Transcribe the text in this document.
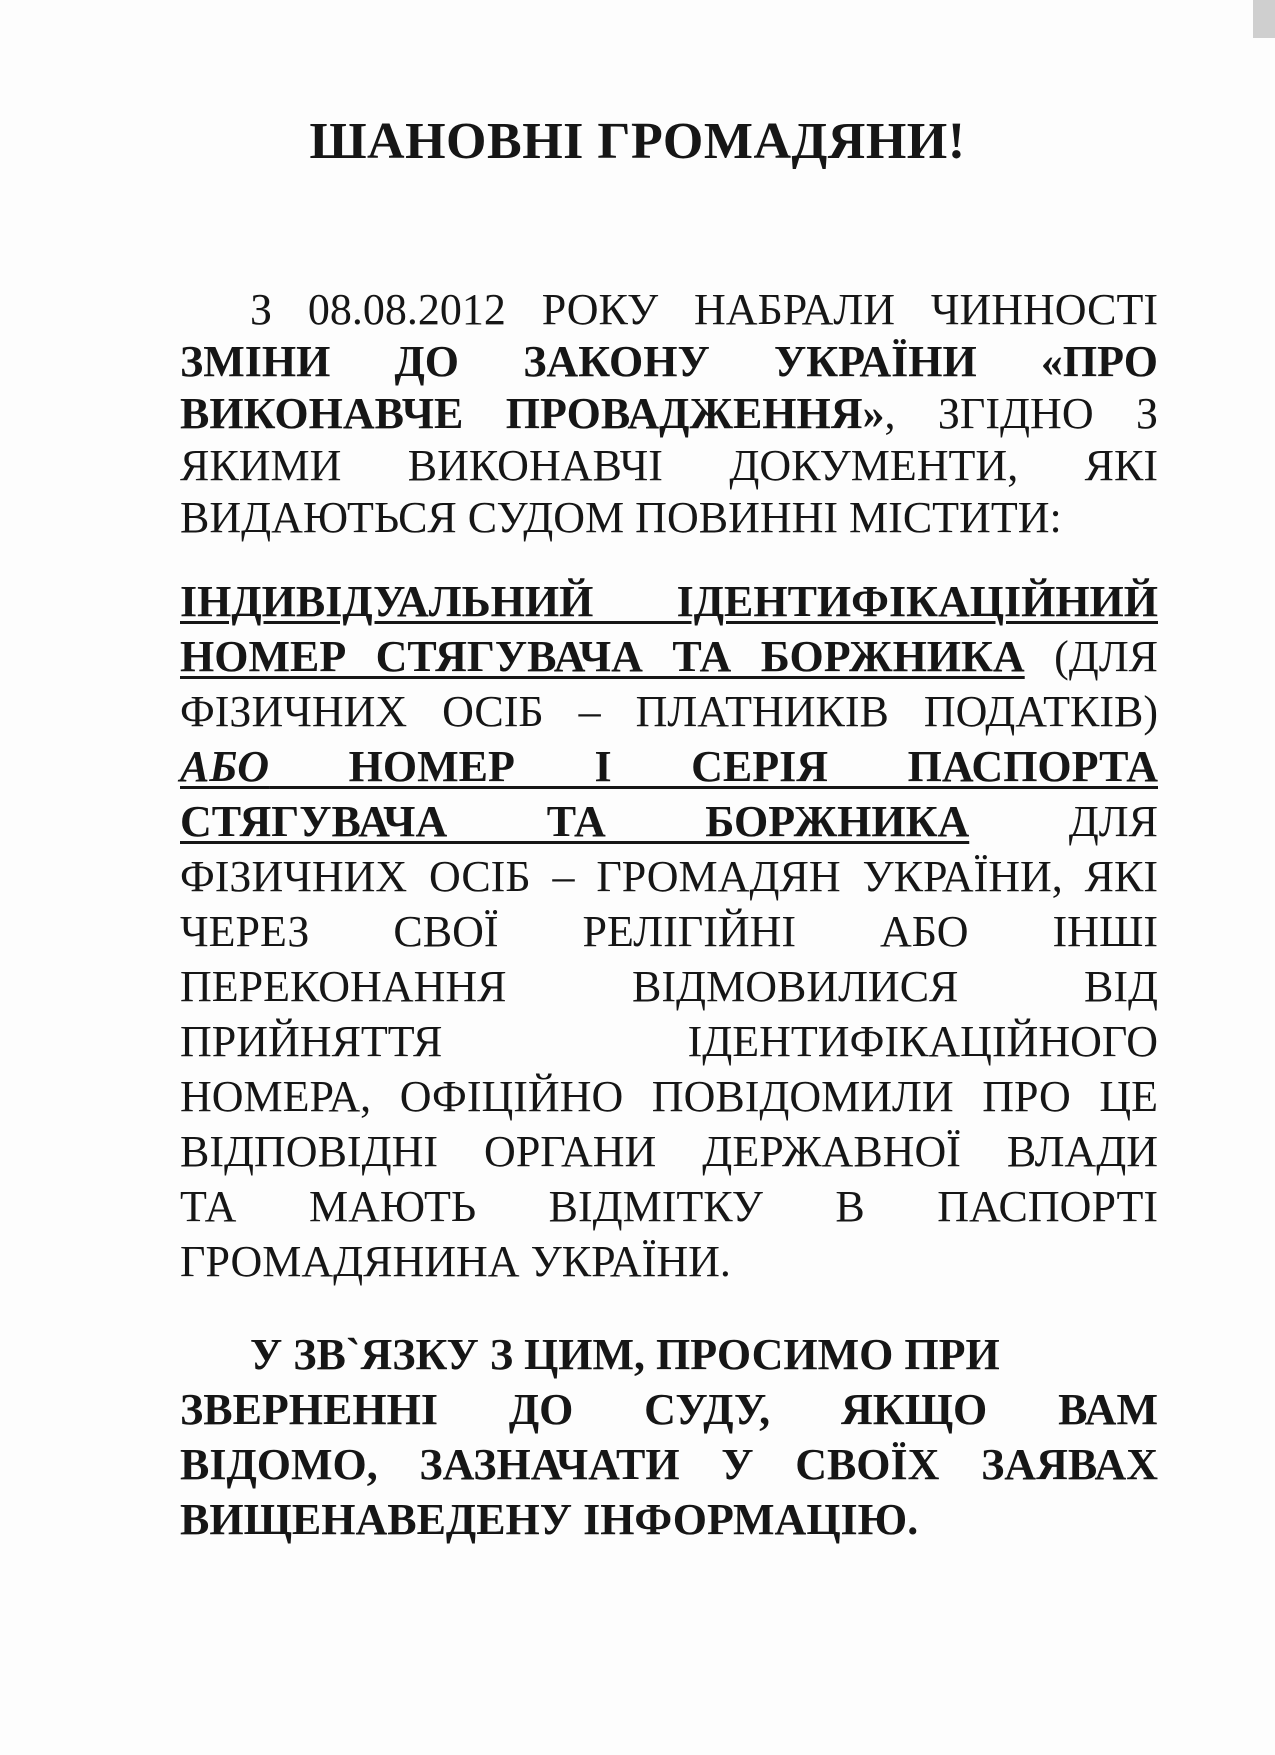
ШАНОВНІ ГРОМАДЯНИ!
З 08.08.2012 РОКУ НАБРАЛИ ЧИННОСТІ
ЗМІНИ ДО ЗАКОНУ УКРАЇНИ «ПРО
ВИКОНАВЧЕ ПРОВАДЖЕННЯ», ЗГІДНО З
ЯКИМИ ВИКОНАВЧІ ДОКУМЕНТИ, ЯКІ
ВИДАЮТЬСЯ СУДОМ ПОВИННІ МІСТИТИ:
ІНДИВІДУАЛЬНИЙ ІДЕНТИФІКАЦІЙНИЙ
НОМЕР СТЯГУВАЧА ТА БОРЖНИКА (ДЛЯ
ФІЗИЧНИХ ОСІБ – ПЛАТНИКІВ ПОДАТКІВ)
АБО НОМЕР І СЕРІЯ ПАСПОРТА
СТЯГУВАЧА ТА БОРЖНИКА ДЛЯ
ФІЗИЧНИХ ОСІБ – ГРОМАДЯН УКРАЇНИ, ЯКІ
ЧЕРЕЗ СВОЇ РЕЛІГІЙНІ АБО ІНШІ
ПЕРЕКОНАННЯ ВІДМОВИЛИСЯ ВІД
ПРИЙНЯТТЯ ІДЕНТИФІКАЦІЙНОГО
НОМЕРА, ОФІЦІЙНО ПОВІДОМИЛИ ПРО ЦЕ
ВІДПОВІДНІ ОРГАНИ ДЕРЖАВНОЇ ВЛАДИ
ТА МАЮТЬ ВІДМІТКУ В ПАСПОРТІ
ГРОМАДЯНИНА УКРАЇНИ.
У ЗВ`ЯЗКУ З ЦИМ, ПРОСИМО ПРИ
ЗВЕРНЕННІ ДО СУДУ, ЯКЩО ВАМ
ВІДОМО, ЗАЗНАЧАТИ У СВОЇХ ЗАЯВАХ
ВИЩЕНАВЕДЕНУ ІНФОРМАЦІЮ.
